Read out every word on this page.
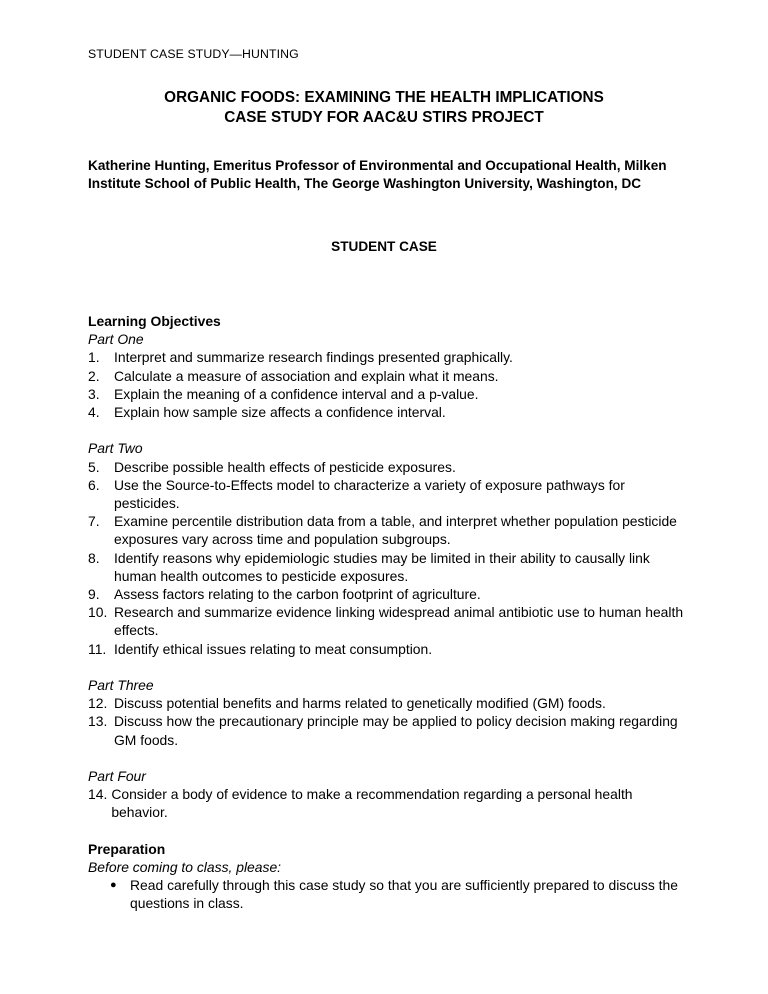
STUDENT CASE STUDY—HUNTING
ORGANIC FOODS: EXAMINING THE HEALTH IMPLICATIONS
CASE STUDY FOR AAC&U STIRS PROJECT
Katherine Hunting, Emeritus Professor of Environmental and Occupational Health, Milken Institute School of Public Health, The George Washington University, Washington, DC
STUDENT CASE
Learning Objectives
Part One
1.	Interpret and summarize research findings presented graphically.
2.	Calculate a measure of association and explain what it means.
3.	Explain the meaning of a confidence interval and a p-value.
4.	Explain how sample size affects a confidence interval.
Part Two
5.	Describe possible health effects of pesticide exposures.
6.	Use the Source-to-Effects model to characterize a variety of exposure pathways for pesticides.
7.	Examine percentile distribution data from a table, and interpret whether population pesticide exposures vary across time and population subgroups.
8.	Identify reasons why epidemiologic studies may be limited in their ability to causally link human health outcomes to pesticide exposures.
9.	Assess factors relating to the carbon footprint of agriculture.
10. Research and summarize evidence linking widespread animal antibiotic use to human health effects.
11. Identify ethical issues relating to meat consumption.
Part Three
12. Discuss potential benefits and harms related to genetically modified (GM) foods.
13. Discuss how the precautionary principle may be applied to policy decision making regarding GM foods.
Part Four
14. Consider a body of evidence to make a recommendation regarding a personal health behavior.
Preparation
Before coming to class, please:
● Read carefully through this case study so that you are sufficiently prepared to discuss the questions in class.
